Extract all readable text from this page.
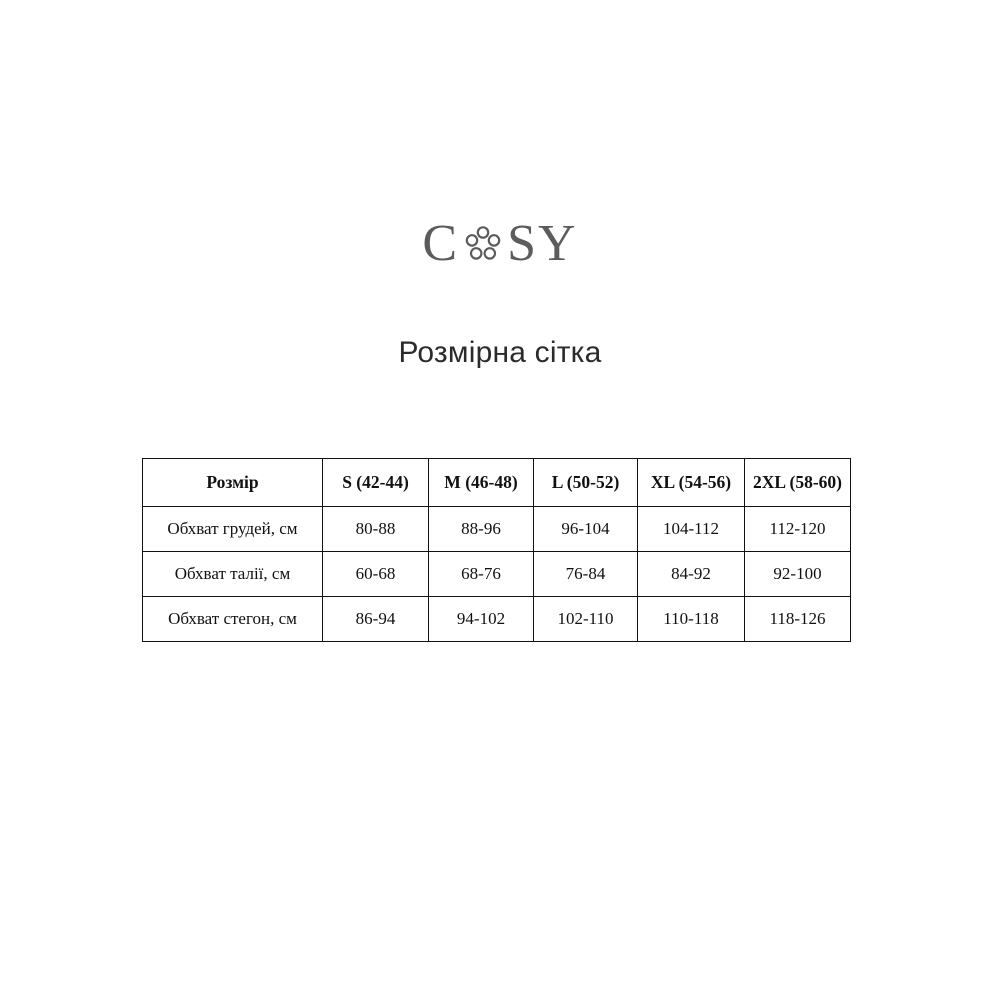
C SY
Розмірна сітка
Розмір	S (42-44)	M (46-48)	L (50-52)	XL (54-56)	2XL (58-60)
Обхват грудей, см	80-88	88-96	96-104	104-112	112-120
Обхват талії, см	60-68	68-76	76-84	84-92	92-100
Обхват стегон, см	86-94	94-102	102-110	110-118	118-126
